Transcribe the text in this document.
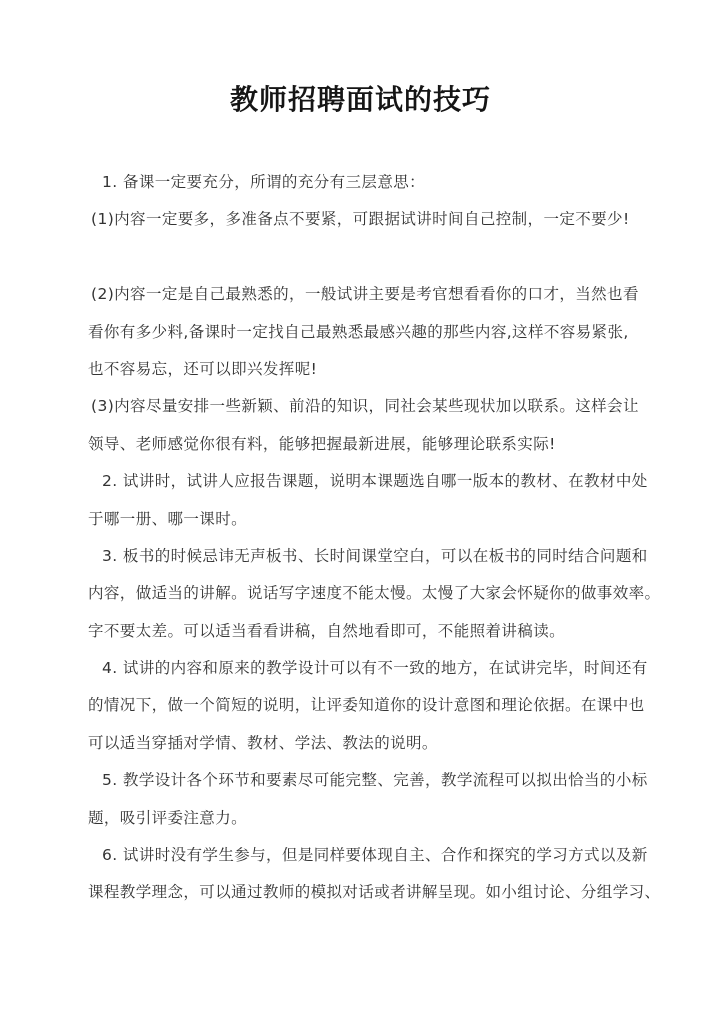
教师招聘面试的技巧
1. 备课一定要充分，所谓的充分有三层意思：
(1)内容一定要多，多准备点不要紧，可跟据试讲时间自己控制，一定不要少!
(2)内容一定是自己最熟悉的，一般试讲主要是考官想看看你的口才，当然也看
看你有多少料,备课时一定找自己最熟悉最感兴趣的那些内容,这样不容易紧张,
也不容易忘，还可以即兴发挥呢!
(3)内容尽量安排一些新颖、前沿的知识，同社会某些现状加以联系。这样会让
领导、老师感觉你很有料，能够把握最新进展，能够理论联系实际!
2. 试讲时，试讲人应报告课题，说明本课题选自哪一版本的教材、在教材中处
于哪一册、哪一课时。
3. 板书的时候忌讳无声板书、长时间课堂空白，可以在板书的同时结合问题和
内容，做适当的讲解。说话写字速度不能太慢。太慢了大家会怀疑你的做事效率。
字不要太差。可以适当看看讲稿，自然地看即可，不能照着讲稿读。
4. 试讲的内容和原来的教学设计可以有不一致的地方，在试讲完毕，时间还有
的情况下，做一个简短的说明，让评委知道你的设计意图和理论依据。在课中也
可以适当穿插对学情、教材、学法、教法的说明。
5. 教学设计各个环节和要素尽可能完整、完善，教学流程可以拟出恰当的小标
题，吸引评委注意力。
6. 试讲时没有学生参与，但是同样要体现自主、合作和探究的学习方式以及新
课程教学理念，可以通过教师的模拟对话或者讲解呈现。如小组讨论、分组学习、
